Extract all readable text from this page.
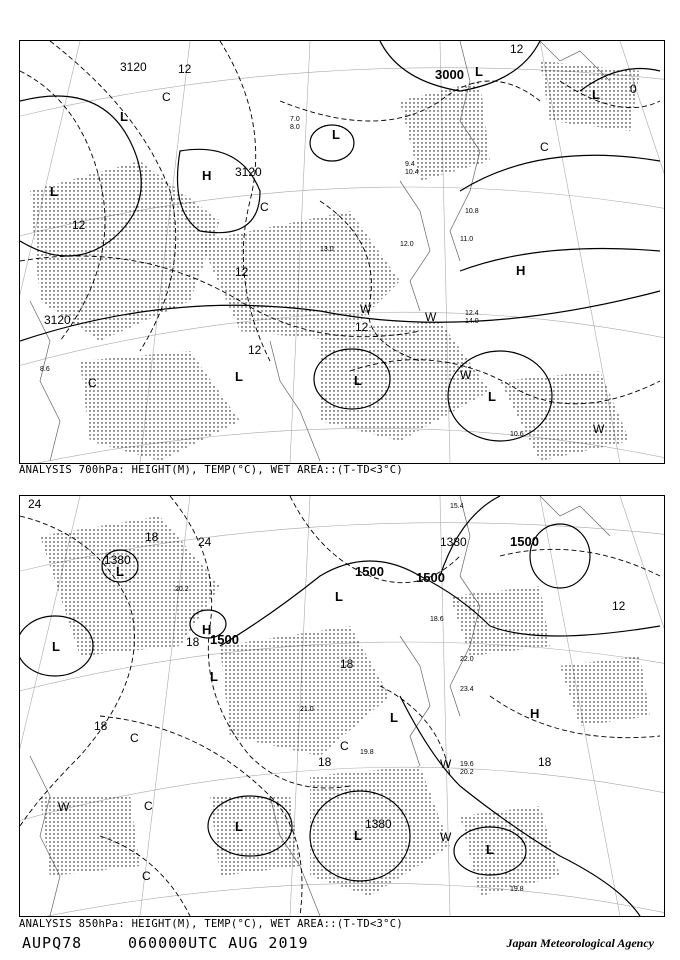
7.0
8.0
9.4
10.4
12.0
11.0
13.0
10.8
12.4
14.0
10.6
8.6
3120	3000
3120
3120
12
12
12
12
12
12
0
L
L
L
L
L
L	L
L
H
H
C
C
C
C
W
W
W
W
ANALYSIS 700hPa: HEIGHT(M), TEMP(°C), WET AREA::(T-TD<3°C)
19.6
20.2
22.0
23.4
18.6
19.8
15.4
21.0
20.2
19.8
1380
1500
1500 1500
1500
1380
1380
24
24
18
18
18
18
18	18
12
L
L
L
L
L
L
L
H
H
L
C
C
C
C
W
W
W
ANALYSIS 850hPa: HEIGHT(M), TEMP(°C), WET AREA::(T-TD<3°C)
AUPQ78	060000UTC AUG 2019	Japan Meteorological Agency
